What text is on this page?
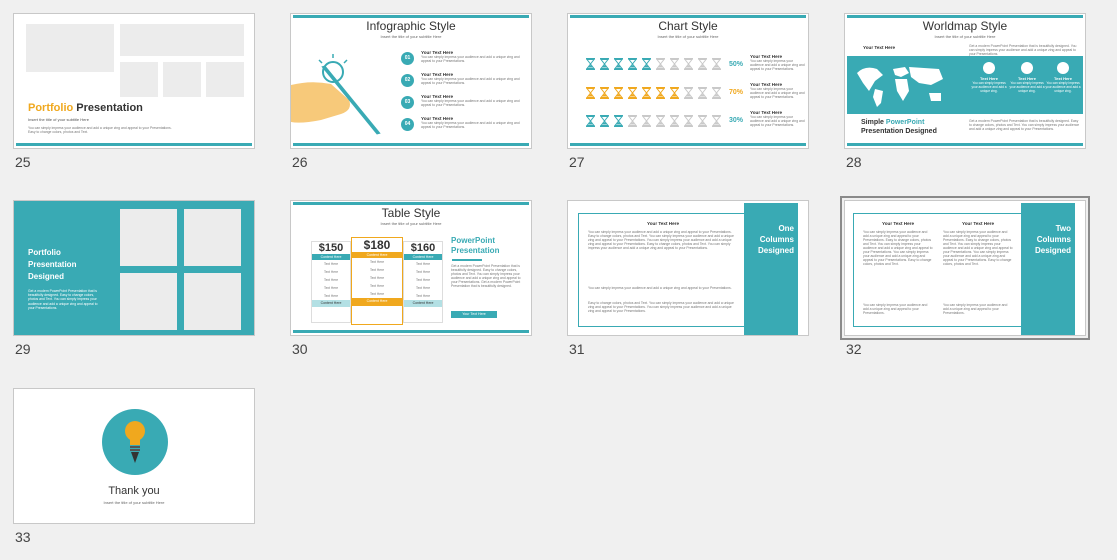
Portfolio Presentation
Insert the title of your subtitle Here
You can simply impress your audience and add a unique zing and appeal to your Presentations. Easy to change colors, photos and Text.
25
Infographic Style
Insert the title of your subtitle Here
01
Your Text Here
You can simply impress your audience and add a unique zing and appeal to your Presentations.
02
Your Text Here
You can simply impress your audience and add a unique zing and appeal to your Presentations.
03
Your Text Here
You can simply impress your audience and add a unique zing and appeal to your Presentations.
04
Your Text Here
You can simply impress your audience and add a unique zing and appeal to your Presentations.
26
Chart Style
Insert the title of your subtitle Here
50%
70%
30%
Your Text Here
You can simply impress your audience and add a unique zing and appeal to your Presentations.
Your Text Here
You can simply impress your audience and add a unique zing and appeal to your Presentations.
Your Text Here
You can simply impress your audience and add a unique zing and appeal to your Presentations.
27
Worldmap Style
Insert the title of your subtitle Here
Your Text Here	Get a modern PowerPoint Presentation that is beautifully designed. You can simply impress your audience and add a unique zing and appeal to your Presentations.
Text Here
You can simply impress your audience and add a unique zing.
Text Here
You can simply impress your audience and add a unique zing.
Text Here
You can simply impress your audience and add a unique zing.
Simple PowerPoint
Presentation Designed
Get a modern PowerPoint Presentation that is beautifully designed. Easy to change colors, photos and Text. You can simply impress your audience and add a unique zing and appeal to your Presentations.
28
Portfolio
Presentation
Designed
Get a modern PowerPoint Presentation that is beautifully designed. Easy to change colors, photos and Text. You can simply impress your audience and add a unique zing and appeal to your Presentations.
29
Table Style
Insert the title of your subtitle Here
$150
Content Here
Text Here
Text Here
Text Here
Text Here
Text Here
Content Here
$180
Content Here
Text Here
Text Here
Text Here
Text Here
Text Here
Content Here
$160
Content Here
Text Here
Text Here
Text Here
Text Here
Text Here
Content Here
PowerPoint Presentation
Get a modern PowerPoint Presentation that is beautifully designed. Easy to change colors, photos and Text. You can simply impress your audience and add a unique zing and appeal to your Presentations. Get a modern PowerPoint Presentation that is beautifully designed.
Your Text Here
30
Your Text Here
You can simply impress your audience and add a unique zing and appeal to your Presentations. Easy to change colors, photos and Text. You can simply impress your audience and add a unique zing and appeal to your Presentations. You can simply impress your audience and add a unique zing and appeal to your Presentations. Easy to change colors, photos and Text. You can simply impress your audience and add a unique zing and appeal to your Presentations.
You can simply impress your audience and add a unique zing and appeal to your Presentations.
Easy to change colors, photos and Text. You can simply impress your audience and add a unique zing and appeal to your Presentations. You can simply impress your audience and add a unique zing and appeal to your Presentations.
One Columns Designed
31
Your Text Here
You can simply impress your audience and add a unique zing and appeal to your Presentations. Easy to change colors, photos and Text. You can simply impress your audience and add a unique zing and appeal to your Presentations. You can simply impress your audience and add a unique zing and appeal to your Presentations. Easy to change colors, photos and Text.
You can simply impress your audience and add a unique zing and appeal to your Presentations.
Your Text Here
You can simply impress your audience and add a unique zing and appeal to your Presentations. Easy to change colors, photos and Text. You can simply impress your audience and add a unique zing and appeal to your Presentations. You can simply impress your audience and add a unique zing and appeal to your Presentations. Easy to change colors, photos and Text.
You can simply impress your audience and add a unique zing and appeal to your Presentations.
Two Columns Designed
32
Thank you
Insert the title of your subtitle Here
33
